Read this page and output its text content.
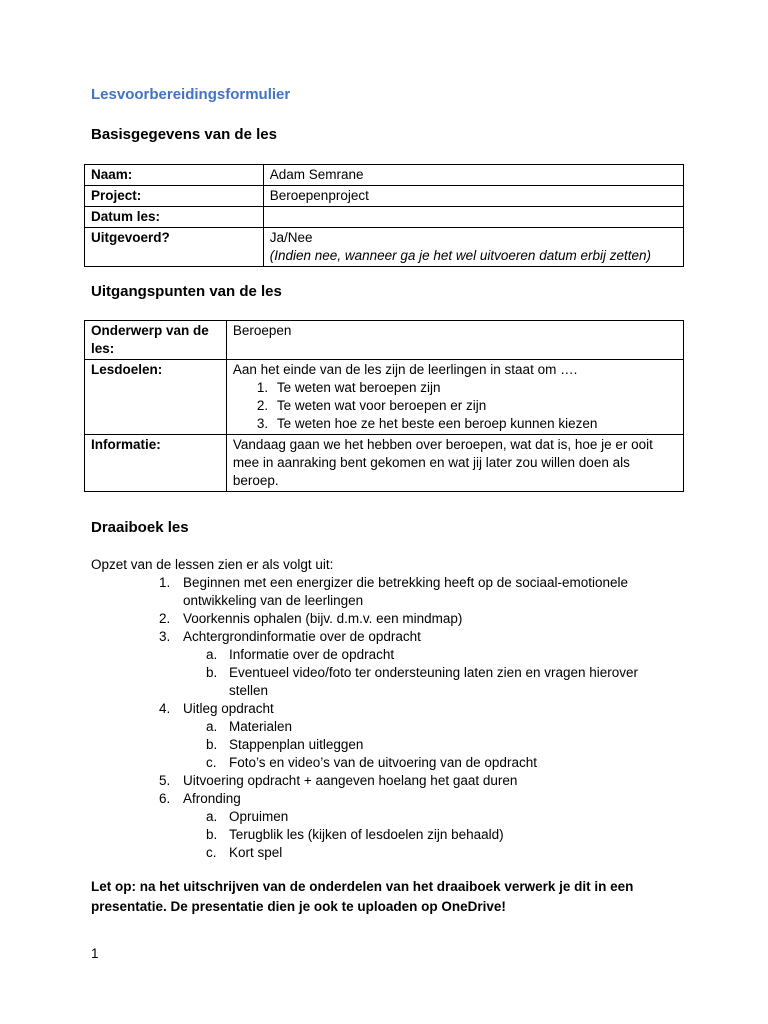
Lesvoorbereidingsformulier
Basisgegevens van de les
Naam:	Adam Semrane
Project:	Beroepenproject
Datum les:	
Uitgevoerd?	Ja/Nee
(Indien nee, wanneer ga je het wel uitvoeren datum erbij zetten)
Uitgangspunten van de les
Onderwerp van de
les:	Beroepen
Lesdoelen:	Aan het einde van de les zijn de leerlingen in staat om ….
1. Te weten wat beroepen zijn
2. Te weten wat voor beroepen er zijn
3. Te weten hoe ze het beste een beroep kunnen kiezen

Informatie:	Vandaag gaan we het hebben over beroepen, wat dat is, hoe je er ooit
mee in aanraking bent gekomen en wat jij later zou willen doen als
beroep.
Draaiboek les
Opzet van de lessen zien er als volgt uit:
1. Beginnen met een energizer die betrekking heeft op de sociaal-emotionele
ontwikkeling van de leerlingen
2. Voorkennis ophalen (bijv. d.m.v. een mindmap)
3. Achtergrondinformatie over de opdracht
a. Informatie over de opdracht
b. Eventueel video/foto ter ondersteuning laten zien en vragen hierover
stellen
4. Uitleg opdracht
a. Materialen
b. Stappenplan uitleggen
c. Foto’s en video’s van de uitvoering van de opdracht
5. Uitvoering opdracht + aangeven hoelang het gaat duren
6. Afronding
a. Opruimen
b. Terugblik les (kijken of lesdoelen zijn behaald)
c. Kort spel
Let op: na het uitschrijven van de onderdelen van het draaiboek verwerk je dit in een
presentatie. De presentatie dien je ook te uploaden op OneDrive!
1
